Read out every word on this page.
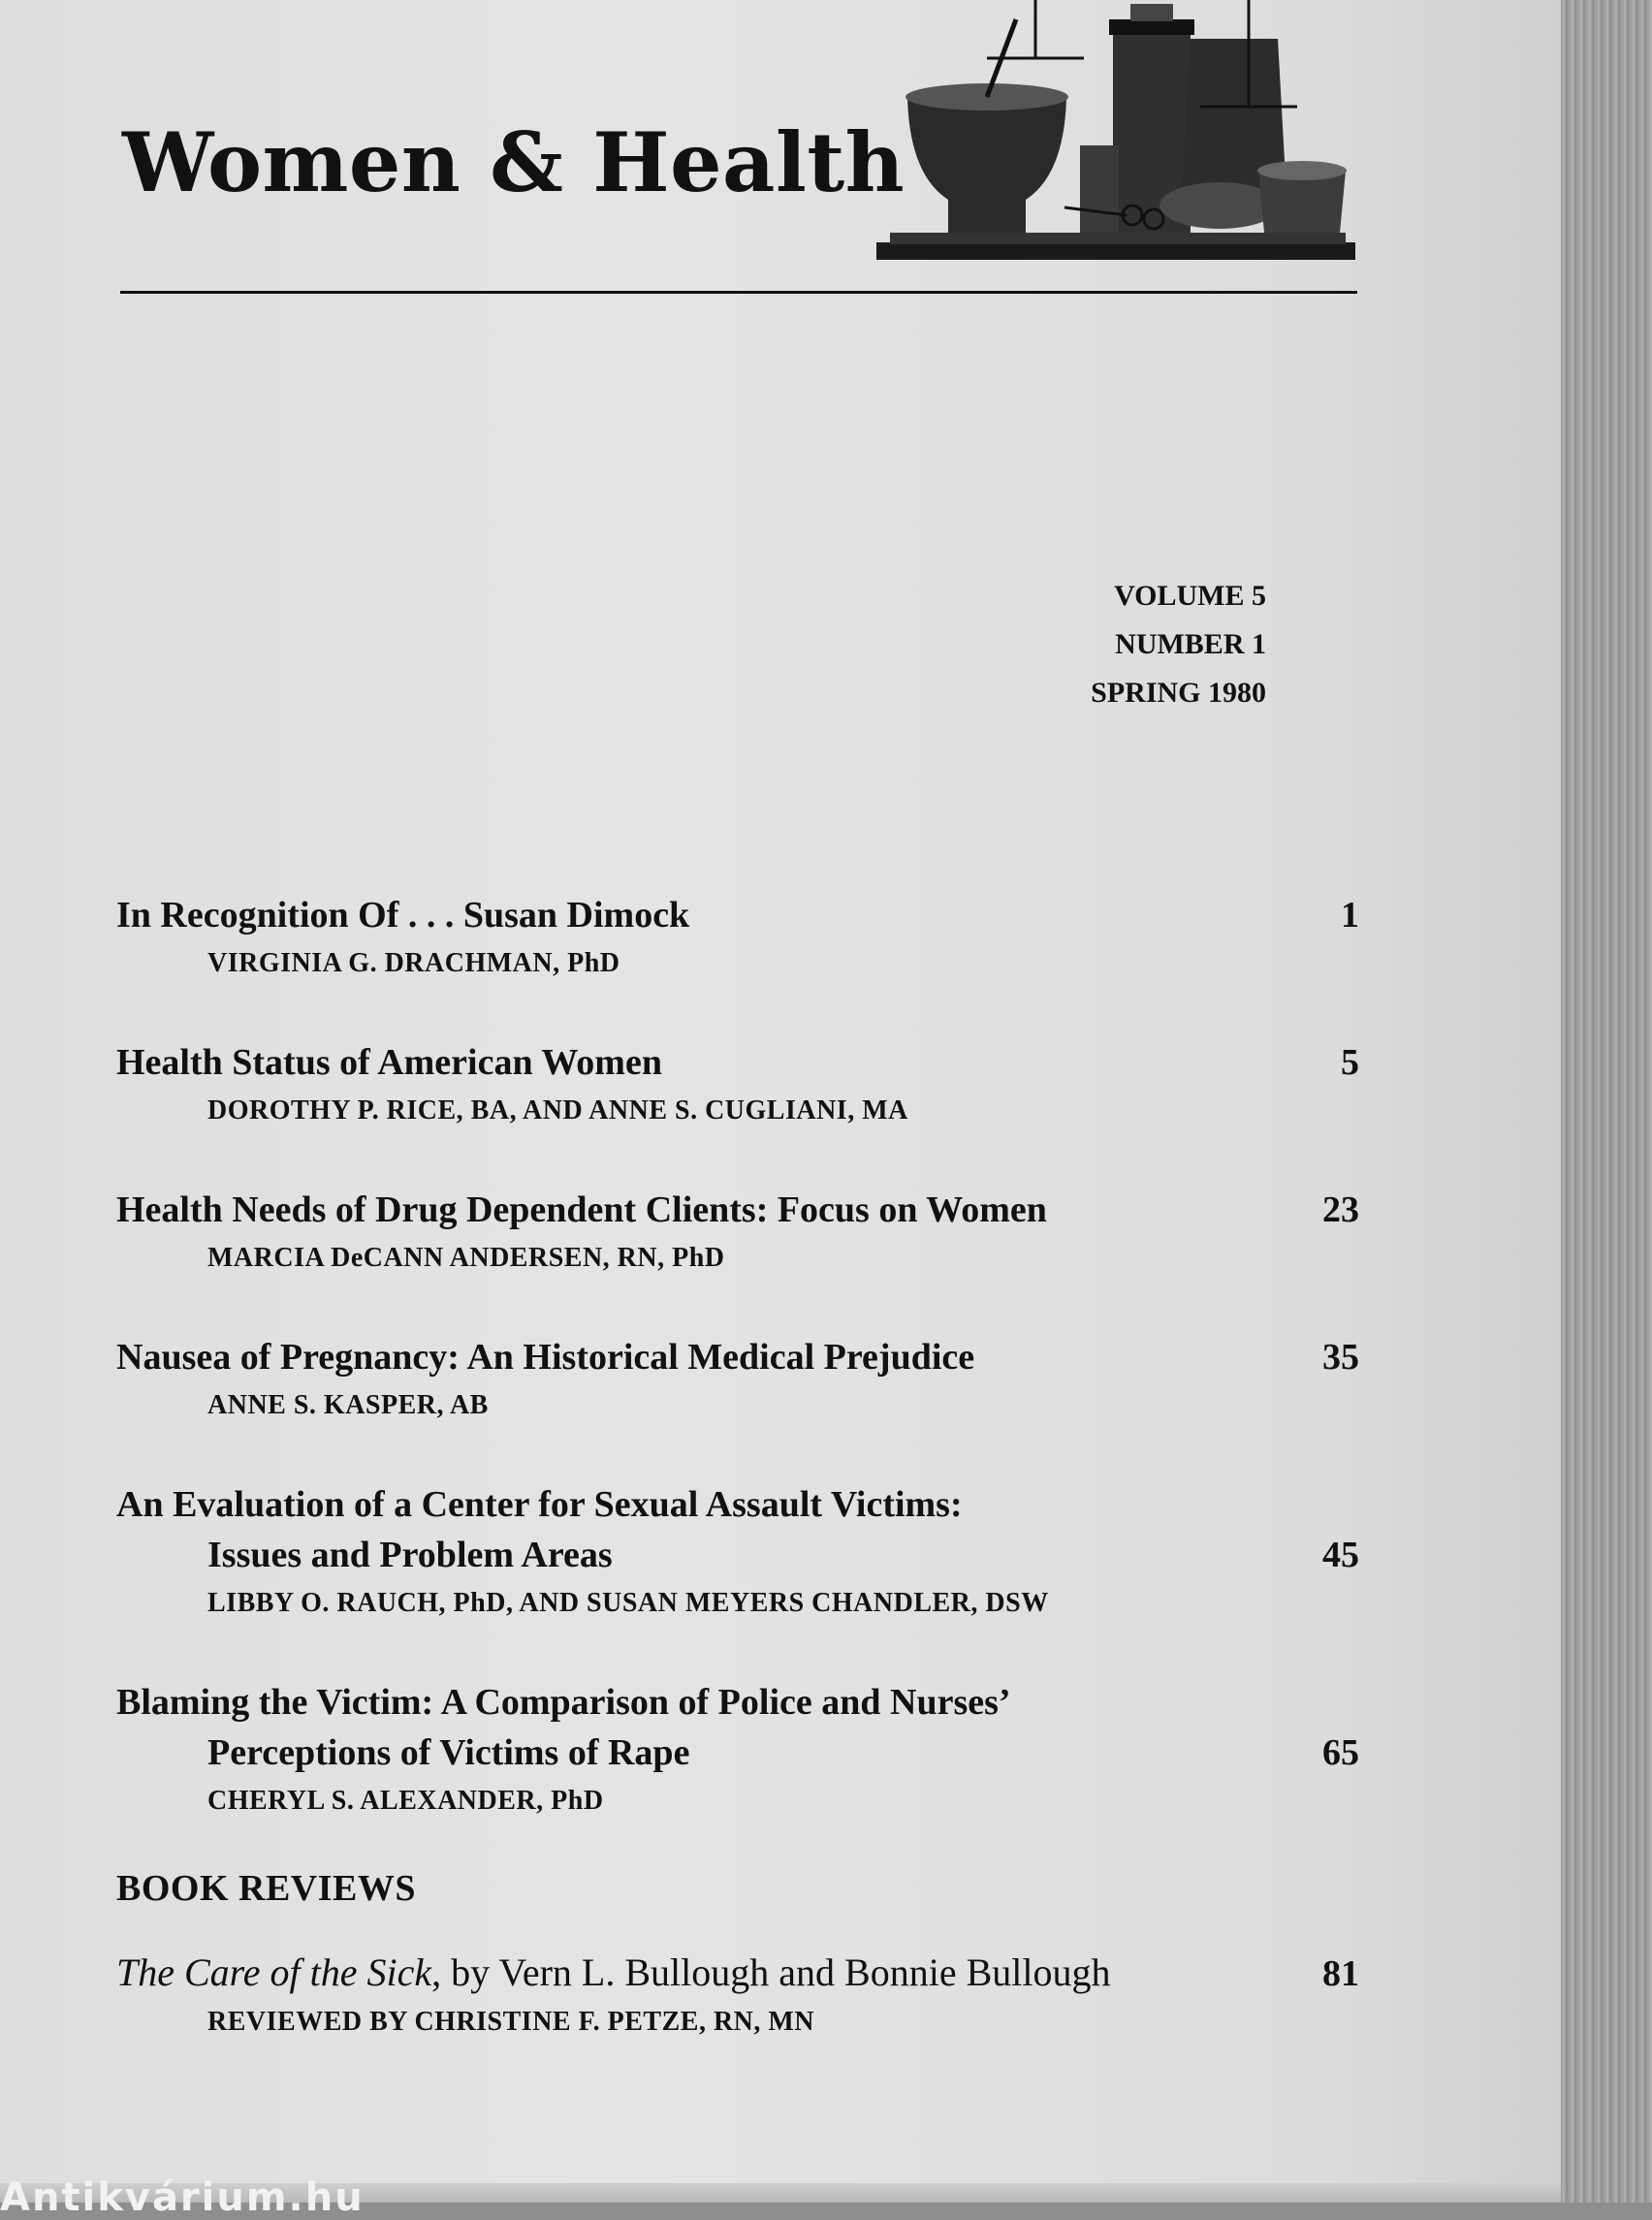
Women & Health
VOLUME 5
NUMBER 1
SPRING 1980
In Recognition Of . . . Susan Dimock
VIRGINIA G. DRACHMAN, PhD
1
Health Status of American Women
DOROTHY P. RICE, BA, AND ANNE S. CUGLIANI, MA
5
Health Needs of Drug Dependent Clients: Focus on Women
MARCIA DeCANN ANDERSEN, RN, PhD
23
Nausea of Pregnancy: An Historical Medical Prejudice
ANNE S. KASPER, AB
35
An Evaluation of a Center for Sexual Assault Victims:
Issues and Problem Areas
LIBBY O. RAUCH, PhD, AND SUSAN MEYERS CHANDLER, DSW
45
Blaming the Victim: A Comparison of Police and Nurses’
Perceptions of Victims of Rape
CHERYL S. ALEXANDER, PhD
65
BOOK REVIEWS
The Care of the Sick, by Vern L. Bullough and Bonnie Bullough
REVIEWED BY CHRISTINE F. PETZE, RN, MN
81
Antikvárium.hu
